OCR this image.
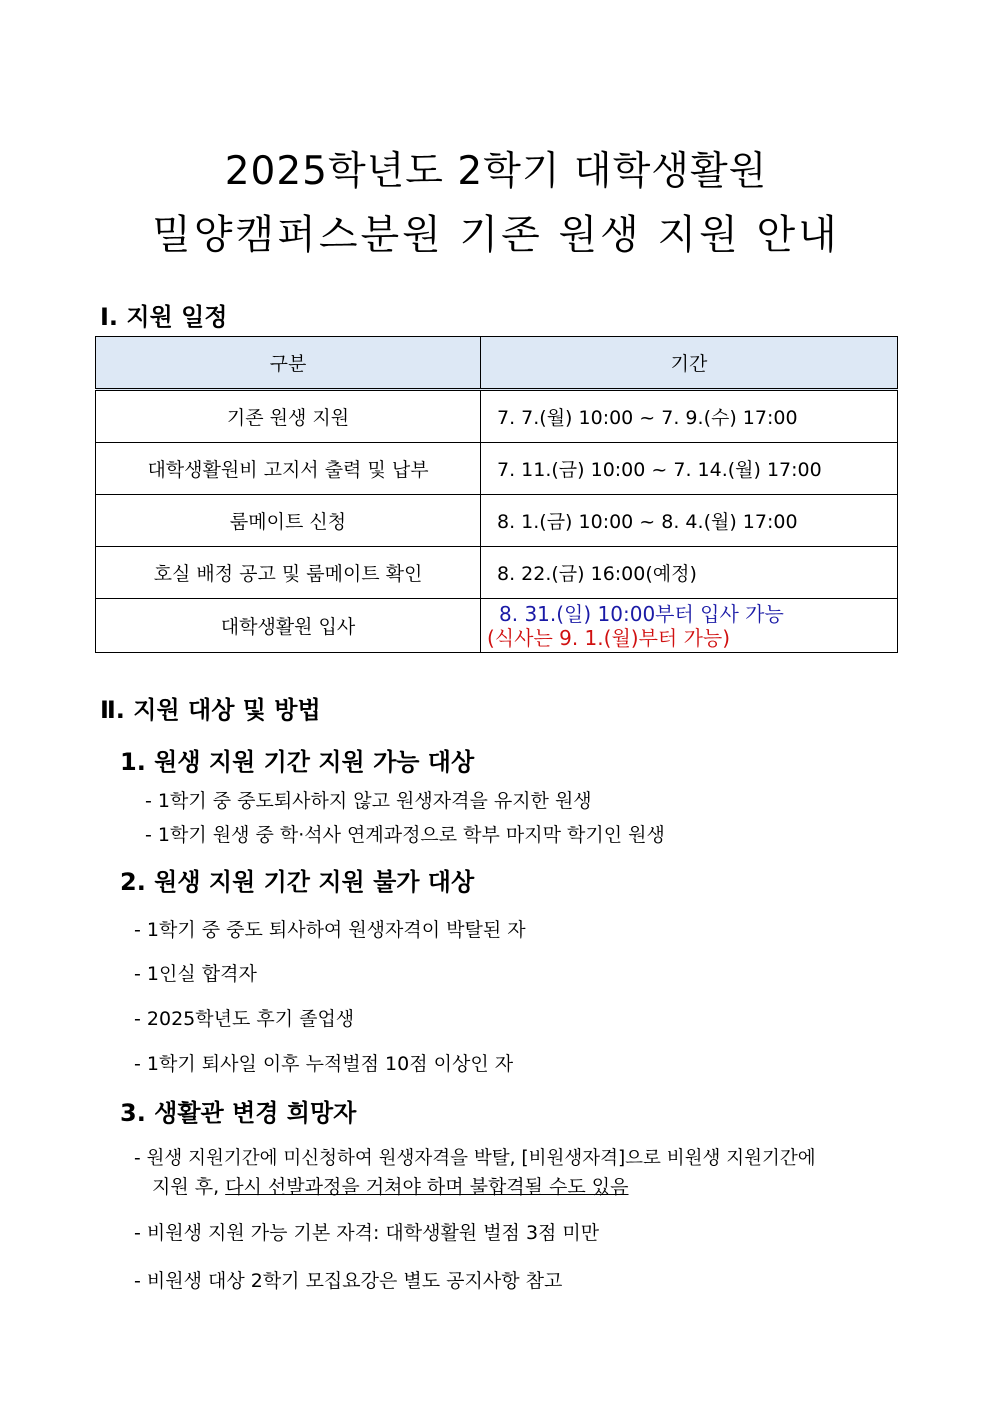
2025학년도 2학기 대학생활원
밀양캠퍼스분원 기존 원생 지원 안내
Ⅰ. 지원 일정
구분	기간
기존 원생 지원	7. 7.(월) 10:00 ~ 7. 9.(수) 17:00
대학생활원비 고지서 출력 및 납부	7. 11.(금) 10:00 ~ 7. 14.(월) 17:00
룸메이트 신청	8. 1.(금) 10:00 ~ 8. 4.(월) 17:00
호실 배정 공고 및 룸메이트 확인	8. 22.(금) 16:00(예정)
대학생활원 입사	8. 31.(일) 10:00부터 입사 가능
(식사는 9. 1.(월)부터 가능)
Ⅱ. 지원 대상 및 방법
1. 원생 지원 기간 지원 가능 대상
- 1학기 중 중도퇴사하지 않고 원생자격을 유지한 원생
- 1학기 원생 중 학·석사 연계과정으로 학부 마지막 학기인 원생
2. 원생 지원 기간 지원 불가 대상
- 1학기 중 중도 퇴사하여 원생자격이 박탈된 자
- 1인실 합격자
- 2025학년도 후기 졸업생
- 1학기 퇴사일 이후 누적벌점 10점 이상인 자
3. 생활관 변경 희망자
- 원생 지원기간에 미신청하여 원생자격을 박탈, [비원생자격]으로 비원생 지원기간에
지원 후, 다시 선발과정을 거쳐야 하며 불합격될 수도 있음
- 비원생 지원 가능 기본 자격: 대학생활원 벌점 3점 미만
- 비원생 대상 2학기 모집요강은 별도 공지사항 참고
